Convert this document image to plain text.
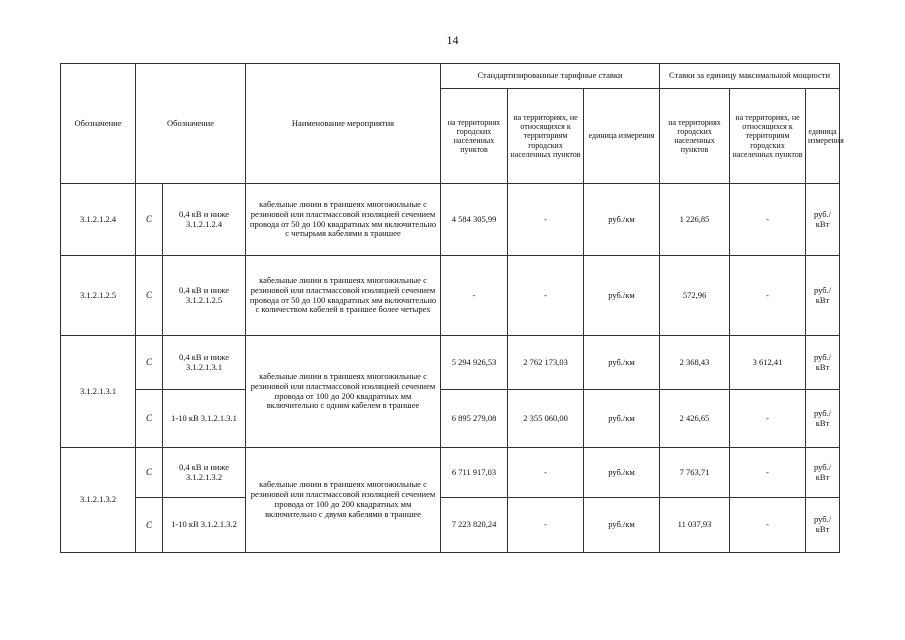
14
Обозначение	Обозначение		Наименование мероприятия	Стандартизированные тарифные ставки			Ставки за единицу максимальной мощности		
				на территориях городских населенных пунктов	на территориях, не относящихся к территориям городских населенных пунктов	единица измерения	на территориях городских населенных пунктов	на территориях, не относящихся к территориям городских населенных пунктов	единица измерения
3.1.2.1.2.4	С	0,4 кВ и ниже 3.1.2.1.2.4	кабельные линии в траншеях многожильные с резиновой или пластмассовой изоляцией сечением провода от 50 до 100 квадратных мм включительно с четырьмя кабелями в траншее	4 584 305,99	-	руб./км	1 226,85	-	руб./кВт
3.1.2.1.2.5	С	0,4 кВ и ниже 3.1.2.1.2.5	кабельные линии в траншеях многожильные с резиновой или пластмассовой изоляцией сечением провода от 50 до 100 квадратных мм включительно с количеством кабелей в траншее более четырех	-	-	руб./км	572,96	-	руб./кВт
3.1.2.1.3.1	С	0,4 кВ и ниже 3.1.2.1.3.1	кабельные линии в траншеях многожильные с резиновой или пластмассовой изоляцией сечением провода от 100 до 200 квадратных мм включительно с одним кабелем в траншее	5 294 926,53	2 762 173,03	руб./км	2 368,43	3 612,41	руб./кВт
	С	1-10 кВ 3.1.2.1.3.1		6 895 279,08	2 355 060,00	руб./км	2 426,65	-	руб./кВт
3.1.2.1.3.2	С	0,4 кВ и ниже 3.1.2.1.3.2	кабельные линии в траншеях многожильные с резиновой или пластмассовой изоляцией сечением провода от 100 до 200 квадратных мм включительно с двумя кабелями в траншее	6 711 917,03	-	руб./км	7 763,71	-	руб./кВт
	С	1-10 кВ 3.1.2.1.3.2		7 223 820,24	-	руб./км	11 037,93	-	руб./кВт
